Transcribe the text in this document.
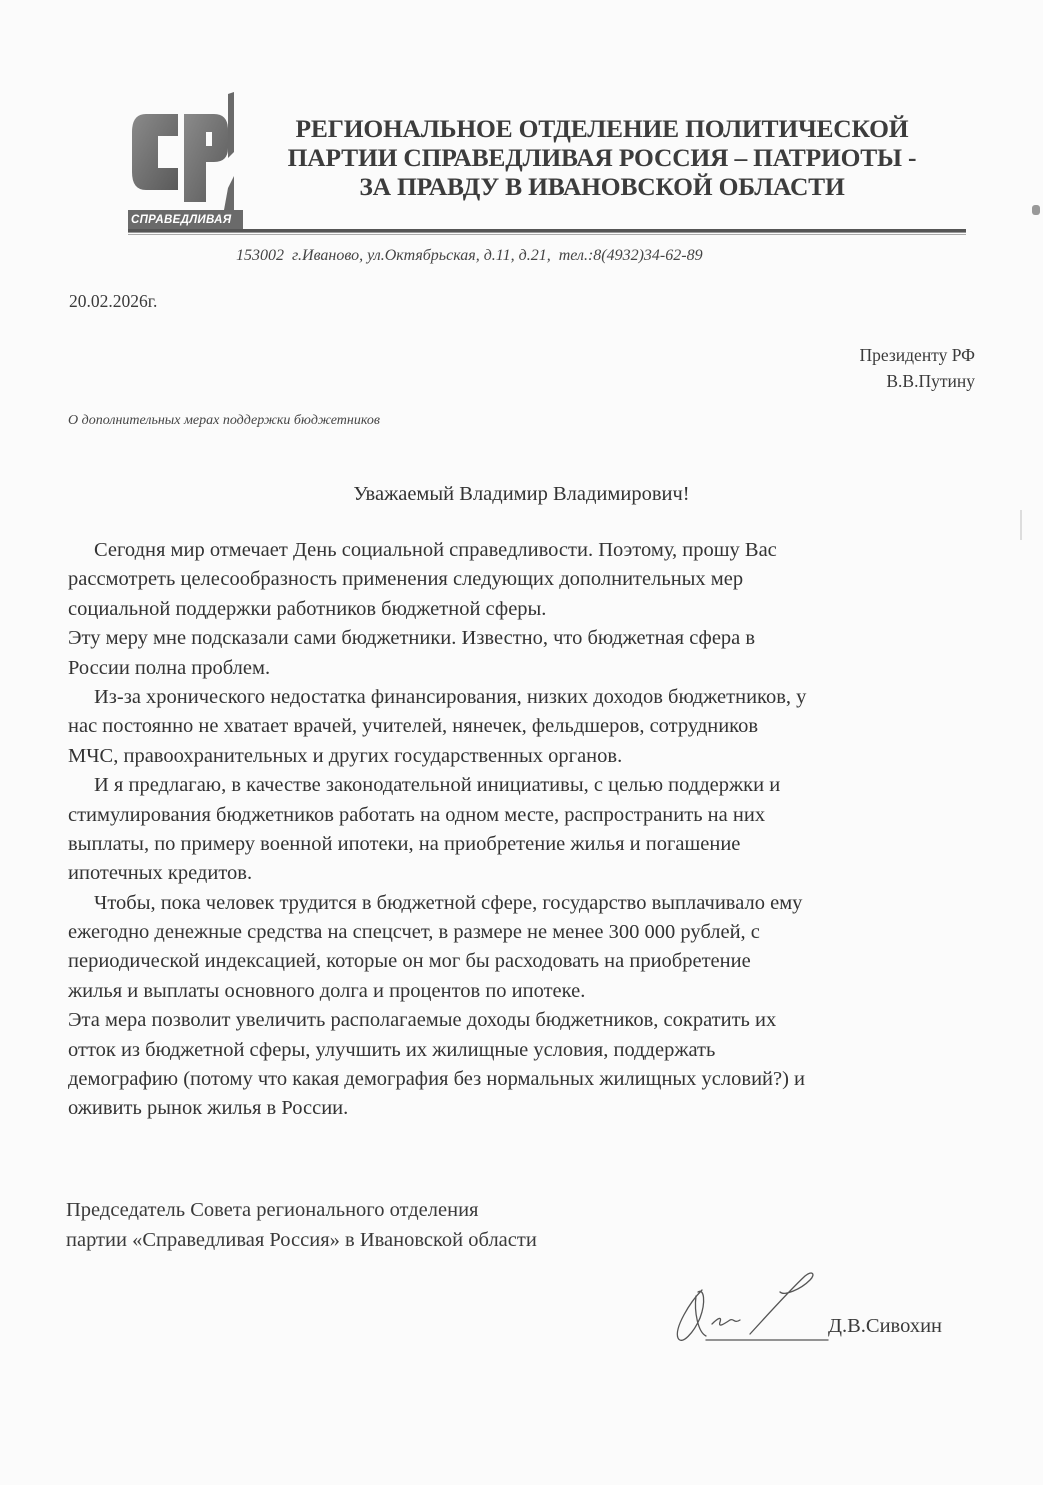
СПРАВЕДЛИВАЯ
РЕГИОНАЛЬНОЕ ОТДЕЛЕНИЕ ПОЛИТИЧЕСКОЙ
ПАРТИИ СПРАВЕДЛИВАЯ РОССИЯ – ПАТРИОТЫ -
ЗА ПРАВДУ В ИВАНОВСКОЙ ОБЛАСТИ
153002  г.Иваново, ул.Октябрьская, д.11, д.21,  тел.:8(4932)34-62-89
20.02.2026г.
Президенту РФ
В.В.Путину
О дополнительных мерах поддержки бюджетников
Уважаемый Владимир Владимирович!
Сегодня мир отмечает День социальной справедливости. Поэтому, прошу Вас
рассмотреть целесообразность применения следующих дополнительных мер
социальной поддержки работников бюджетной сферы.
Эту меру мне подсказали сами бюджетники. Известно, что бюджетная сфера в
России полна проблем.
Из-за хронического недостатка финансирования, низких доходов бюджетников, у
нас постоянно не хватает врачей, учителей, нянечек, фельдшеров, сотрудников
МЧС, правоохранительных и других государственных органов.
И я предлагаю, в качестве законодательной инициативы, с целью поддержки и
стимулирования бюджетников работать на одном месте, распространить на них
выплаты, по примеру военной ипотеки, на приобретение жилья и погашение
ипотечных кредитов.
Чтобы, пока человек трудится в бюджетной сфере, государство выплачивало ему
ежегодно денежные средства на спецсчет, в размере не менее 300 000 рублей, с
периодической индексацией, которые он мог бы расходовать на приобретение
жилья и выплаты основного долга и процентов по ипотеке.
Эта мера позволит увеличить располагаемые доходы бюджетников, сократить их
отток из бюджетной сферы, улучшить их жилищные условия, поддержать
демографию (потому что какая демография без нормальных жилищных условий?) и
оживить рынок жилья в России.
Председатель Совета регионального отделения
партии «Справедливая Россия» в Ивановской области
Д.В.Сивохин
